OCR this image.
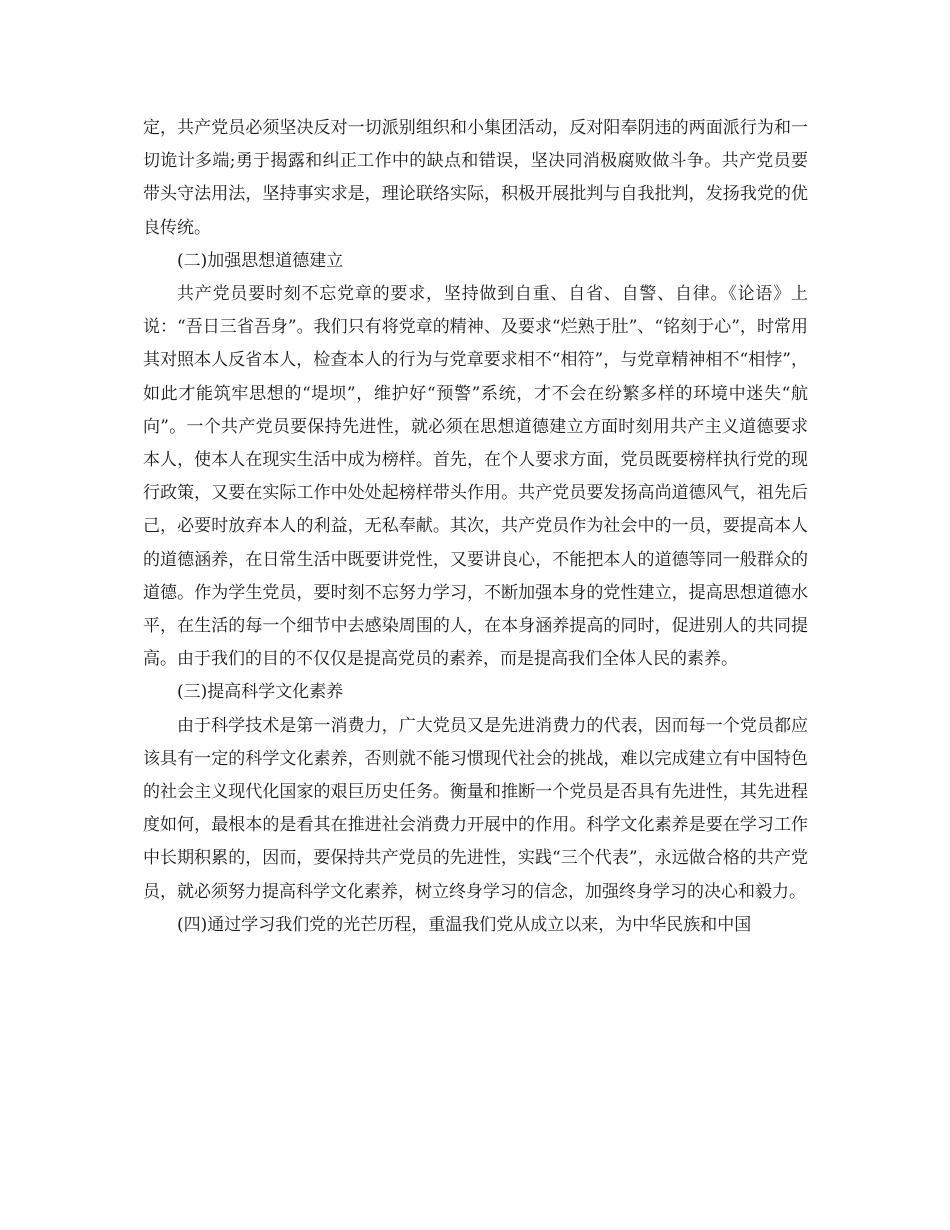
定，共产党员必须坚决反对一切派别组织和小集团活动，反对阳奉阴违的两面派行为和一切诡计多端;勇于揭露和纠正工作中的缺点和错误，坚决同消极腐败做斗争。共产党员要带头守法用法，坚持事实求是，理论联络实际，积极开展批判与自我批判，发扬我党的优良传统。

(二)加强思想道德建立

共产党员要时刻不忘党章的要求，坚持做到自重、自省、自警、自律。《论语》上说：“吾日三省吾身”。我们只有将党章的精神、及要求“烂熟于肚”、“铭刻于心”，时常用其对照本人反省本人，检查本人的行为与党章要求相不“相符”，与党章精神相不“相悖”，如此才能筑牢思想的“堤坝”，维护好“预警”系统，才不会在纷繁多样的环境中迷失“航向”。一个共产党员要保持先进性，就必须在思想道德建立方面时刻用共产主义道德要求本人，使本人在现实生活中成为榜样。首先，在个人要求方面，党员既要榜样执行党的现行政策，又要在实际工作中处处起榜样带头作用。共产党员要发扬高尚道德风气，祖先后己，必要时放弃本人的利益，无私奉献。其次，共产党员作为社会中的一员，要提高本人的道德涵养，在日常生活中既要讲党性，又要讲良心，不能把本人的道德等同一般群众的道德。作为学生党员，要时刻不忘努力学习，不断加强本身的党性建立，提高思想道德水平，在生活的每一个细节中去感染周围的人，在本身涵养提高的同时，促进别人的共同提高。由于我们的目的不仅仅是提高党员的素养，而是提高我们全体人民的素养。

(三)提高科学文化素养

由于科学技术是第一消费力，广大党员又是先进消费力的代表，因而每一个党员都应该具有一定的科学文化素养，否则就不能习惯现代社会的挑战，难以完成建立有中国特色的社会主义现代化国家的艰巨历史任务。衡量和推断一个党员是否具有先进性，其先进程度如何，最根本的是看其在推进社会消费力开展中的作用。科学文化素养是要在学习工作中长期积累的，因而，要保持共产党员的先进性，实践“三个代表”，永远做合格的共产党员，就必须努力提高科学文化素养，树立终身学习的信念，加强终身学习的决心和毅力。

(四)通过学习我们党的光芒历程，重温我们党从成立以来，为中华民族和中国
